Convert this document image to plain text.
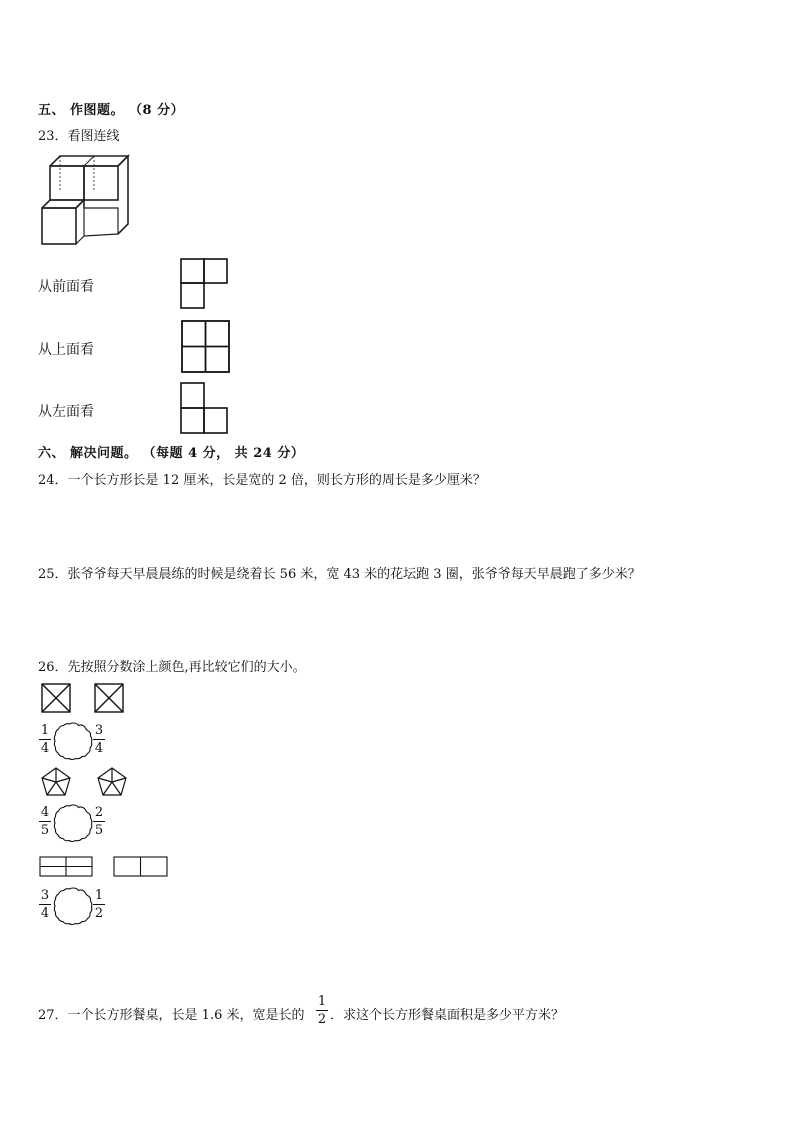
五、 作图题。 （8 分）
23．看图连线
从前面看
从上面看
从左面看
六、 解决问题。 （每题 4 分， 共 24 分）
24．一个长方形长是 12 厘米，长是宽的 2 倍，则长方形的周长是多少厘米？
25．张爷爷每天早晨晨练的时候是绕着长 56 米，宽 43 米的花坛跑 3 圈，张爷爷每天早晨跑了多少米？
26．先按照分数涂上颜色,再比较它们的大小。
1
4
3
4
4
5
2
5
3
4
1
2
27．一个长方形餐桌，长是 1.6 米，宽是长的
1
2 ．求这个长方形餐桌面积是多少平方米？
